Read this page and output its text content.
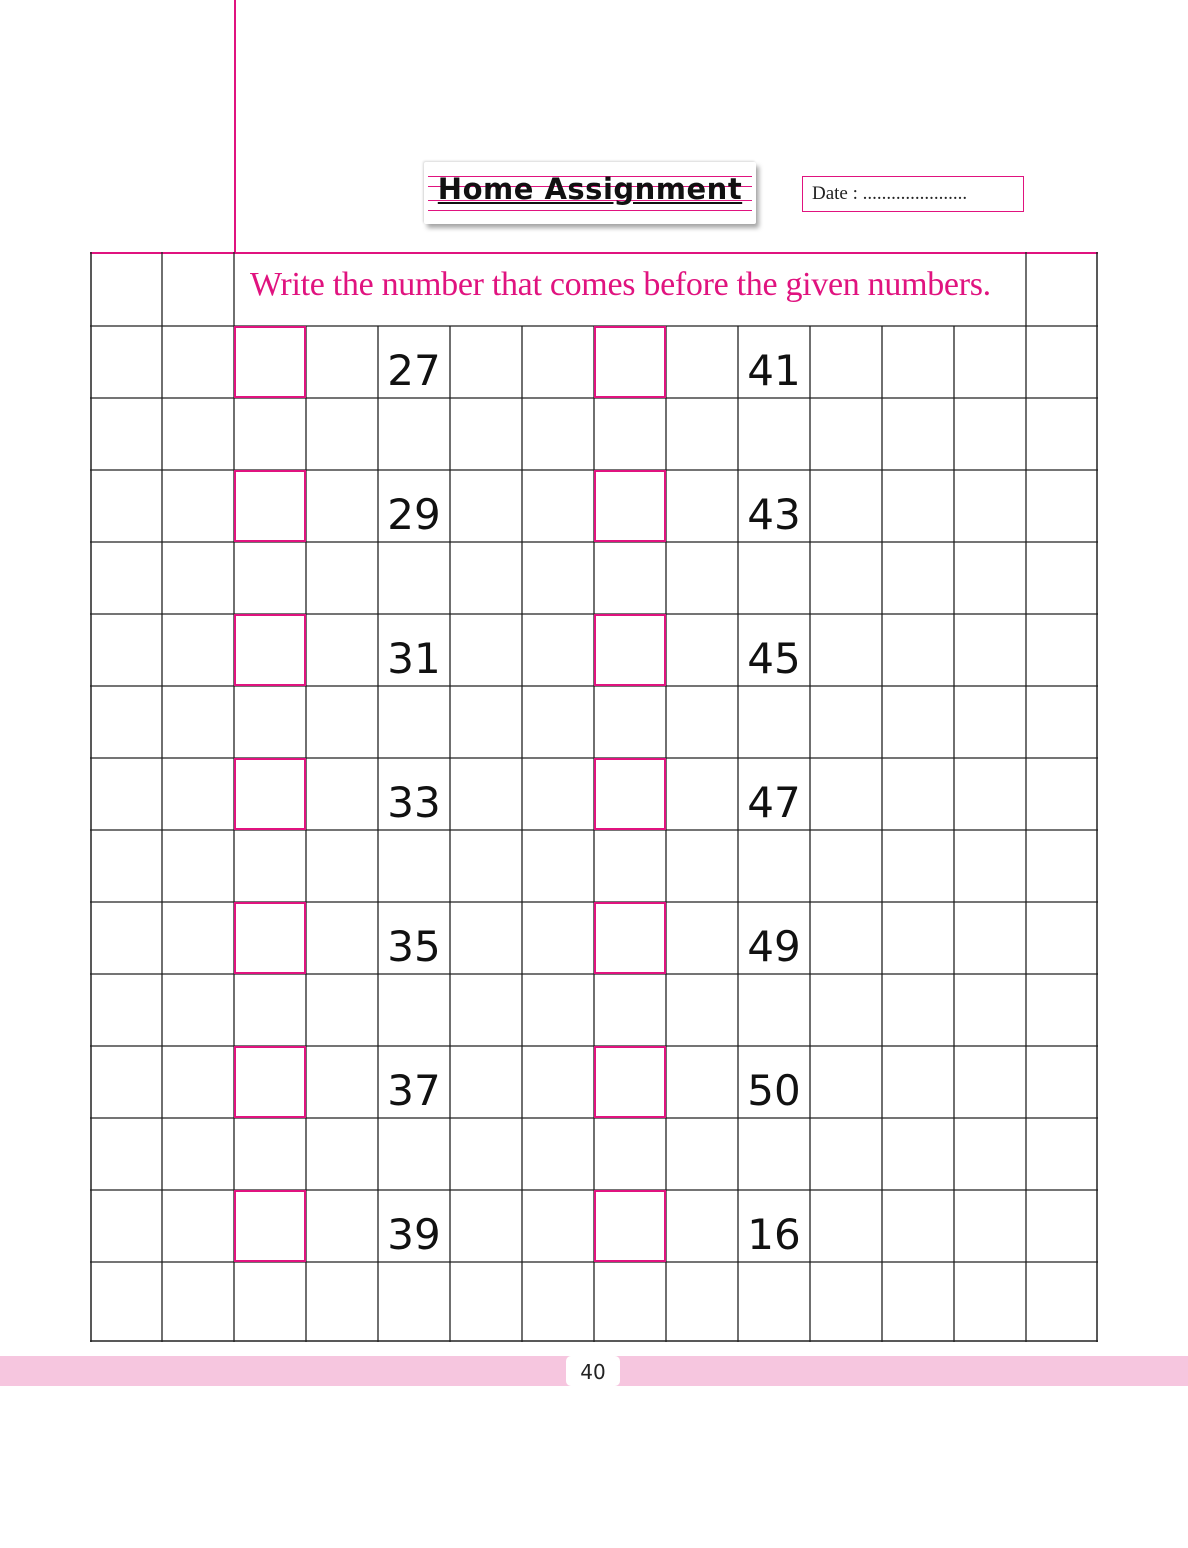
Home Assignment	Date : ......................
Write the number that comes before the given numbers.
27	41
29	43
31	45
33	47
35	49
37	50
39	16
40
